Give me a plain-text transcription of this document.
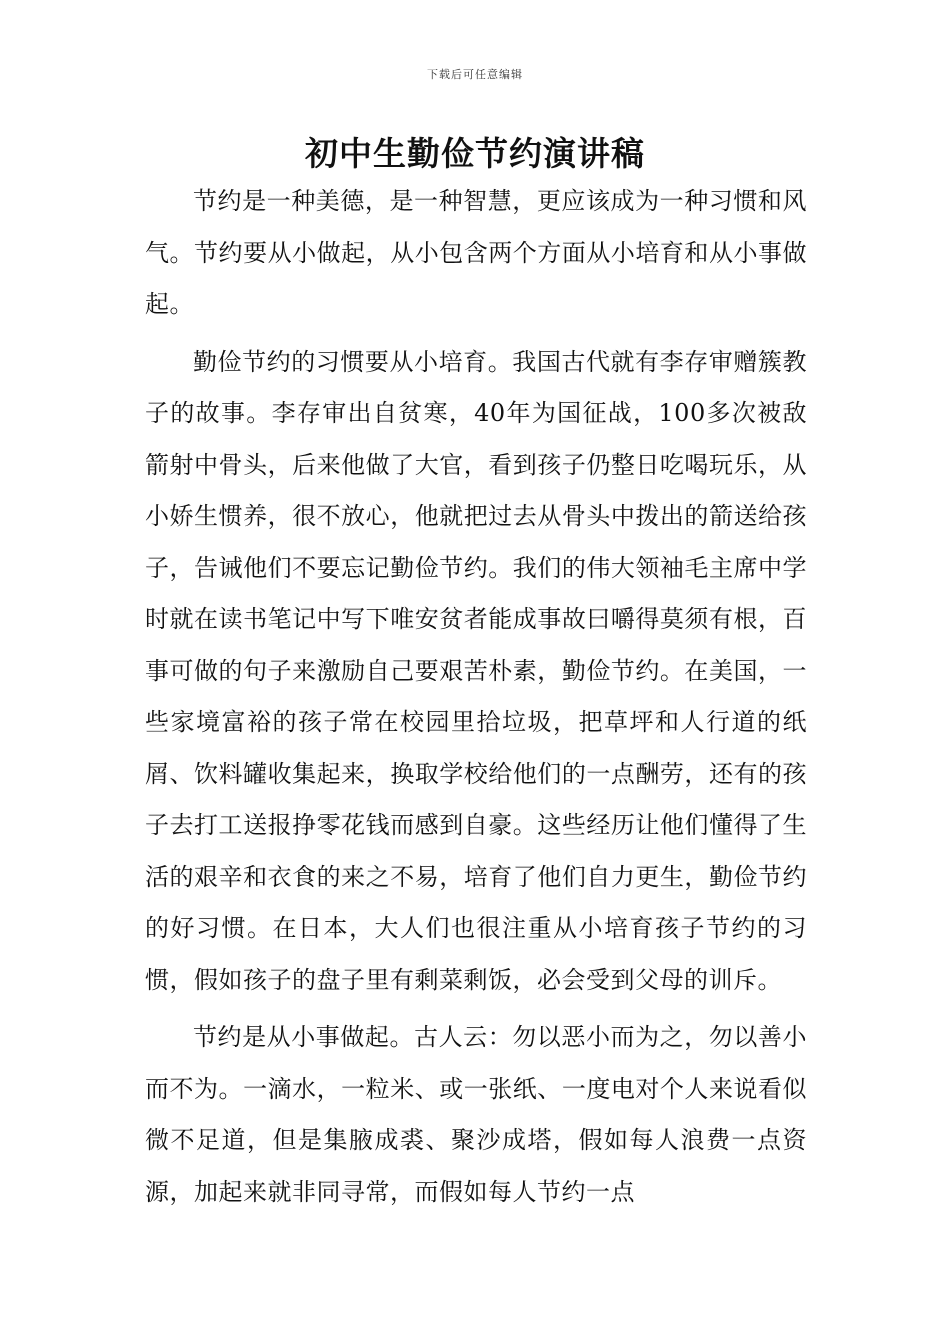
下载后可任意编辑
初中生勤俭节约演讲稿

节约是一种美德，是一种智慧，更应该成为一种习惯和风气。节约要从小做起，从小包含两个方面从小培育和从小事做起。

勤俭节约的习惯要从小培育。我国古代就有李存审赠簇教子的故事。李存审出自贫寒，40年为国征战，100多次被敌箭射中骨头，后来他做了大官，看到孩子仍整日吃喝玩乐，从小娇生惯养，很不放心，他就把过去从骨头中拨出的箭送给孩子，告诫他们不要忘记勤俭节约。我们的伟大领袖毛主席中学时就在读书笔记中写下唯安贫者能成事故曰嚼得莫须有根，百事可做的句子来激励自己要艰苦朴素，勤俭节约。在美国，一些家境富裕的孩子常在校园里拾垃圾，把草坪和人行道的纸屑、饮料罐收集起来，换取学校给他们的一点酬劳，还有的孩子去打工送报挣零花钱而感到自豪。这些经历让他们懂得了生活的艰辛和衣食的来之不易，培育了他们自力更生，勤俭节约的好习惯。在日本，大人们也很注重从小培育孩子节约的习惯，假如孩子的盘子里有剩菜剩饭，必会受到父母的训斥。

节约是从小事做起。古人云：勿以恶小而为之，勿以善小而不为。一滴水，一粒米、或一张纸、一度电对个人来说看似微不足道，但是集腋成裘、聚沙成塔，假如每人浪费一点资源，加起来就非同寻常，而假如每人节约一点
